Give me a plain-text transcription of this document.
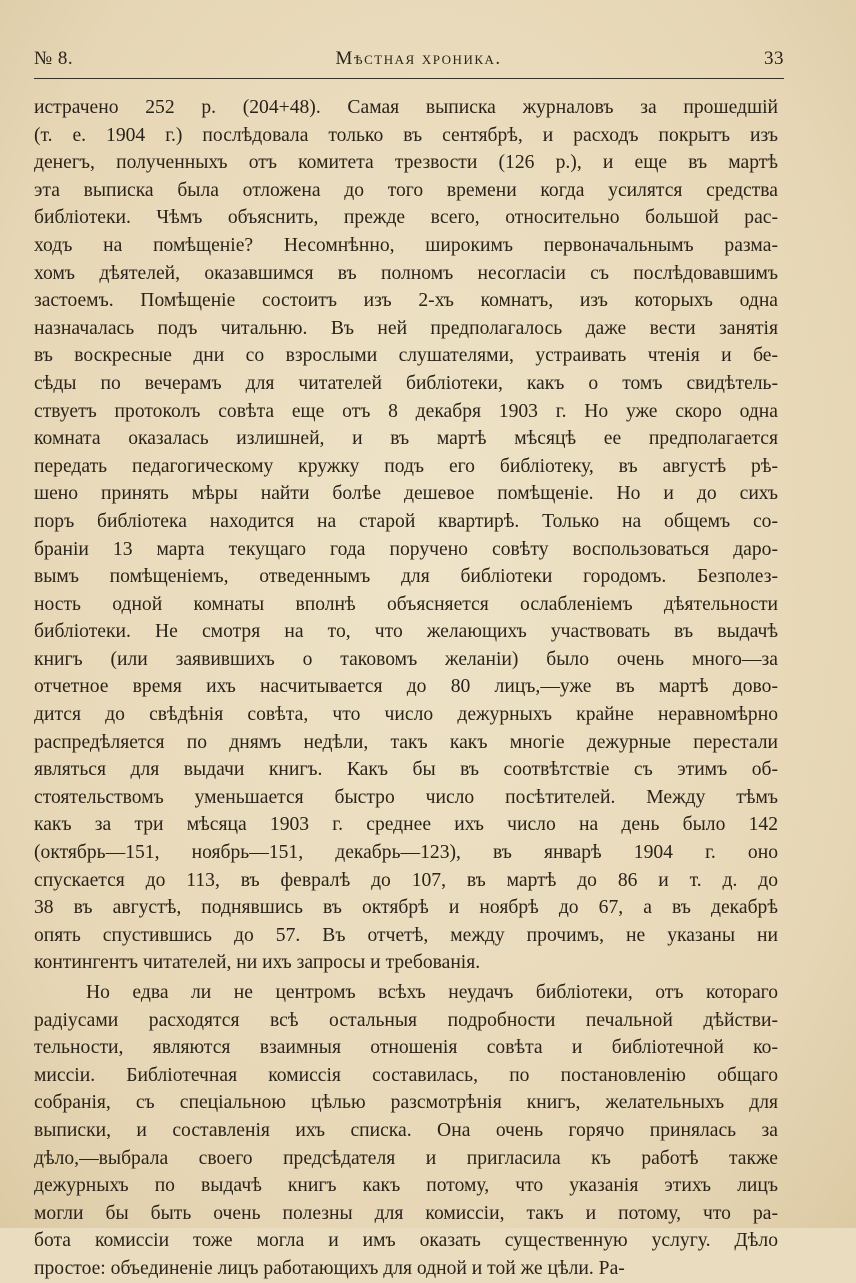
№ 8.	Мѣстная хроника.	33
истрачено 252 р. (204+48). Самая выписка журналовъ за прошедшiй
(т. е. 1904 г.) послѣдовала только въ сентябрѣ, и расходъ покрытъ изъ
денегъ, полученныхъ отъ комитета трезвости (126 р.), и еще въ мартѣ
эта выписка была отложена до того времени когда усилятся средства
библiотеки. Чѣмъ объяснить, прежде всего, относительно большой рас-
ходъ на помѣщенiе? Несомнѣнно, широкимъ первоначальнымъ размa-
хомъ дѣятелей, оказавшимся въ полномъ несогласiи съ послѣдовавшимъ
застоемъ. Помѣщенiе состоитъ изъ 2-хъ комнатъ, изъ которыхъ одна
назначалась подъ читальню. Въ ней предполагалось даже вести занятiя
въ воскресные дни со взрослыми слушателями, устраивать чтенiя и бе-
сѣды по вечерамъ для читателей библiотеки, какъ о томъ свидѣтель-
ствуетъ протоколъ совѣта еще отъ 8 декабря 1903 г. Но уже скоро одна
комната оказалась излишней, и въ мартѣ мѣсяцѣ ее предполагается
передать педагогическому кружку подъ его библiотеку, въ августѣ рѣ-
шено принять мѣры найти болѣе дешевое помѣщенiе. Но и до сихъ
поръ библiотека находится на старой квартирѣ. Только на общемъ со-
бранiи 13 марта текущаго года поручено совѣту воспользоваться даро-
вымъ помѣщенiемъ, отведеннымъ для библiотеки городомъ. Безполез-
ность одной комнаты вполнѣ объясняется ослабленiемъ дѣятельности
библiотеки. Не смотря на то, что желающихъ участвовать въ выдачѣ
книгъ (или заявившихъ о таковомъ желанiи) было очень много—за
отчетное время ихъ насчитывается до 80 лицъ,—уже въ мартѣ дово-
дится до свѣдѣнiя совѣта, что число дежурныхъ крайне неравномѣрно
распредѣляется по днямъ недѣли, такъ какъ многiе дежурные перестали
являться для выдачи книгъ. Какъ бы въ соотвѣтствiе съ этимъ об-
стоятельствомъ уменьшается быстро число посѣтителей. Между тѣмъ
какъ за три мѣсяца 1903 г. среднее ихъ число на день было 142
(октябрь—151, ноябрь—151, декабрь—123), въ январѣ 1904 г. оно
спускается до 113, въ февралѣ до 107, въ мартѣ до 86 и т. д. до
38 въ августѣ, поднявшись въ октябрѣ и ноябрѣ до 67, а въ декабрѣ
опять спустившись до 57. Въ отчетѣ, между прочимъ, не указаны ни
контингентъ читателей, ни ихъ запросы и требованiя.
Но едва ли не центромъ всѣхъ неудачъ библiотеки, отъ котораго
радiусами расходятся всѣ остальныя подробности печальной дѣйстви-
тельности, являются взаимныя отношенiя совѣта и библiотечной ко-
миссiи. Библiотечная комиссiя составилась, по постановленiю общаго
собранiя, съ спецiальною цѣлью разсмотрѣнiя книгъ, желательныхъ для
выписки, и составленiя ихъ списка. Она очень горячо принялась за
дѣло,—выбрала своего предсѣдателя и пригласила къ работѣ также
дежурныхъ по выдачѣ книгъ какъ потому, что указанiя этихъ лицъ
могли бы быть очень полезны для комиссiи, такъ и потому, что ра-
бота комиссiи тоже могла и имъ оказать существенную услугу. Дѣло
простое: объединенiе лицъ работающихъ для одной и той же цѣли. Ра-
